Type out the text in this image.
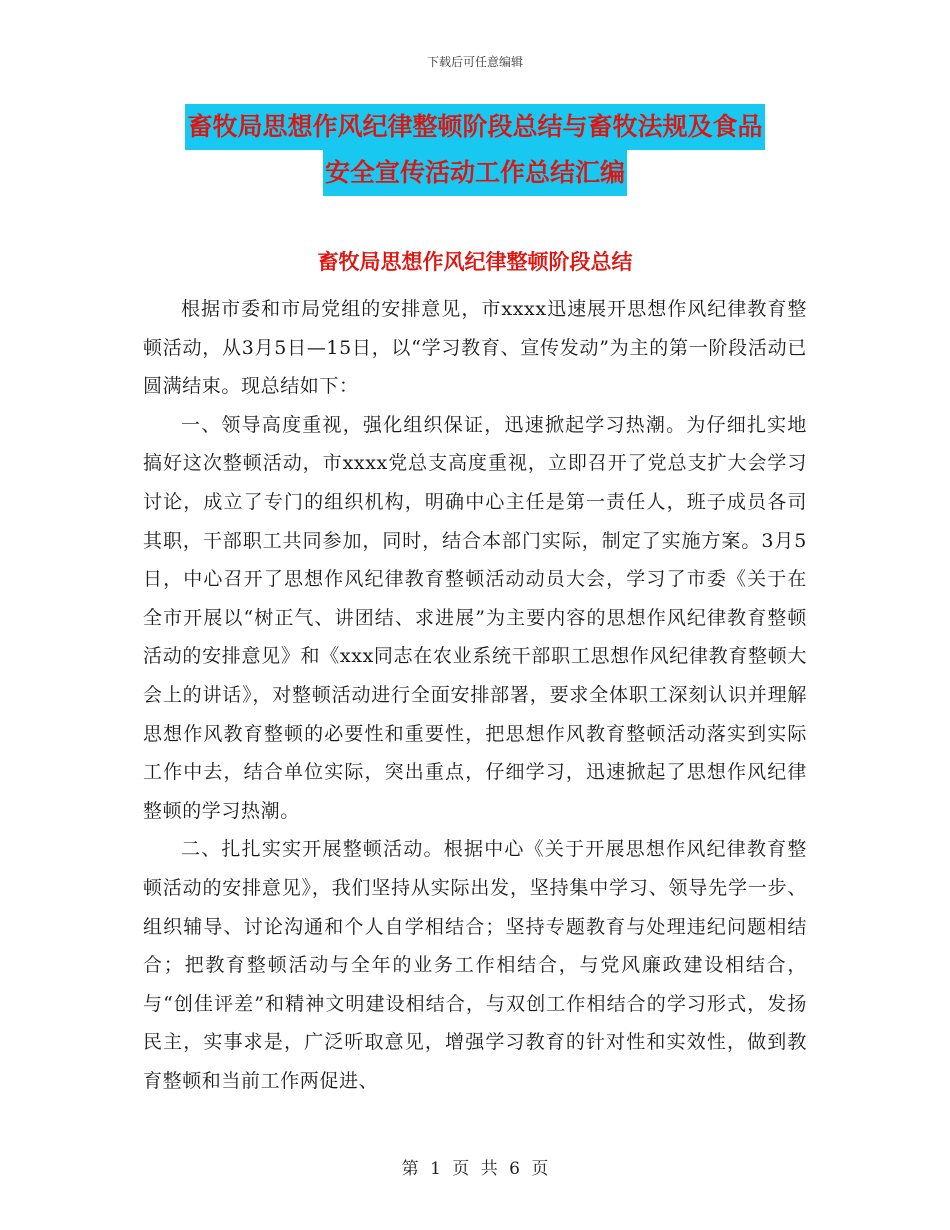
下载后可任意编辑
畜牧局思想作风纪律整顿阶段总结与畜牧法规及食品
安全宣传活动工作总结汇编
畜牧局思想作风纪律整顿阶段总结

根据市委和市局党组的安排意见，市xxxx迅速展开思想作风纪律教育整顿活动，从3月5日—15日，以“学习教育、宣传发动”为主的第一阶段活动已圆满结束。现总结如下：

一、领导高度重视，强化组织保证，迅速掀起学习热潮。为仔细扎实地搞好这次整顿活动，市xxxx党总支高度重视，立即召开了党总支扩大会学习讨论，成立了专门的组织机构，明确中心主任是第一责任人，班子成员各司其职，干部职工共同参加，同时，结合本部门实际，制定了实施方案。3月5日，中心召开了思想作风纪律教育整顿活动动员大会，学习了市委《关于在全市开展以“树正气、讲团结、求进展”为主要内容的思想作风纪律教育整顿活动的安排意见》和《xxx同志在农业系统干部职工思想作风纪律教育整顿大会上的讲话》，对整顿活动进行全面安排部署，要求全体职工深刻认识并理解思想作风教育整顿的必要性和重要性，把思想作风教育整顿活动落实到实际工作中去，结合单位实际，突出重点，仔细学习，迅速掀起了思想作风纪律整顿的学习热潮。

二、扎扎实实开展整顿活动。根据中心《关于开展思想作风纪律教育整顿活动的安排意见》，我们坚持从实际出发，坚持集中学习、领导先学一步、组织辅导、讨论沟通和个人自学相结合；坚持专题教育与处理违纪问题相结合；把教育整顿活动与全年的业务工作相结合，与党风廉政建设相结合，与“创佳评差”和精神文明建设相结合，与双创工作相结合的学习形式，发扬民主，实事求是，广泛听取意见，增强学习教育的针对性和实效性，做到教育整顿和当前工作两促进、

第 1 页 共 6 页
